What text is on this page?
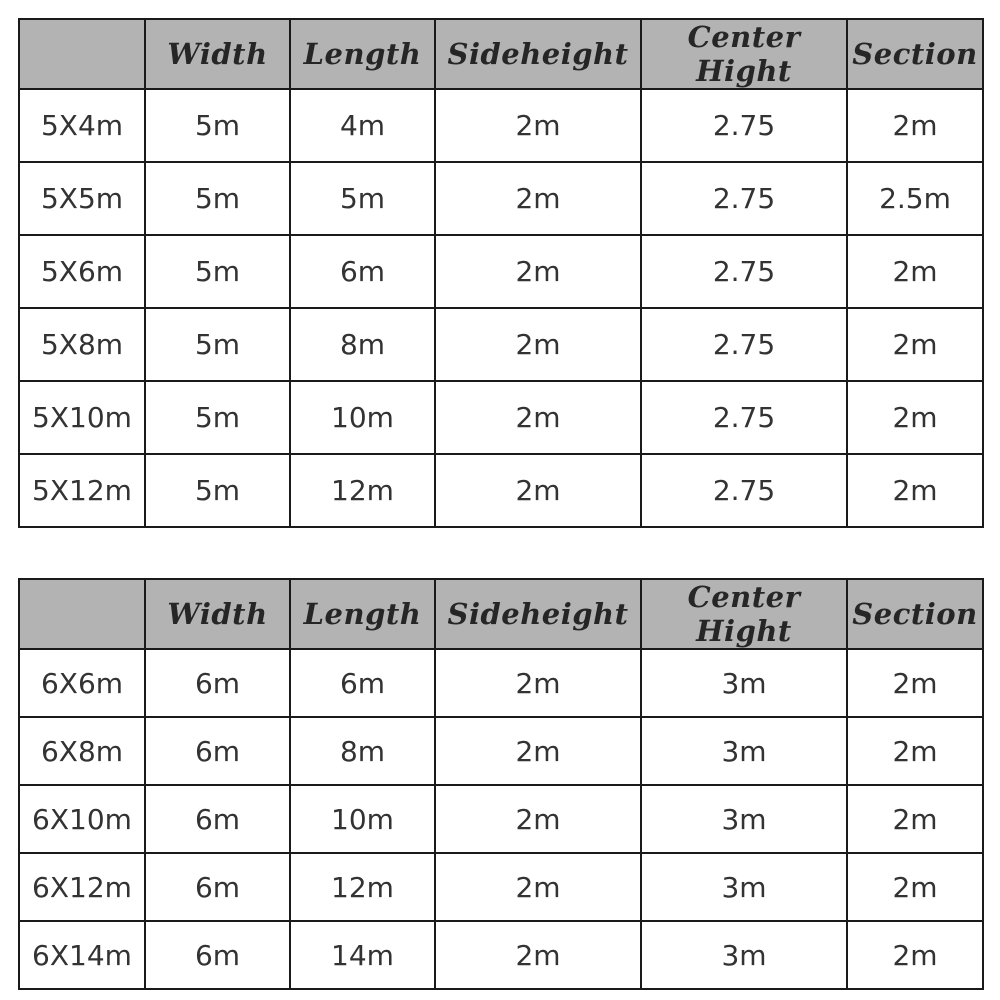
	Width	Length	Sideheight	Center Hight	Section
5X4m	5m	4m	2m	2.75	2m
5X5m	5m	5m	2m	2.75	2.5m
5X6m	5m	6m	2m	2.75	2m
5X8m	5m	8m	2m	2.75	2m
5X10m	5m	10m	2m	2.75	2m
5X12m	5m	12m	2m	2.75	2m
	Width	Length	Sideheight	Center Hight	Section
6X6m	6m	6m	2m	3m	2m
6X8m	6m	8m	2m	3m	2m
6X10m	6m	10m	2m	3m	2m
6X12m	6m	12m	2m	3m	2m
6X14m	6m	14m	2m	3m	2m
